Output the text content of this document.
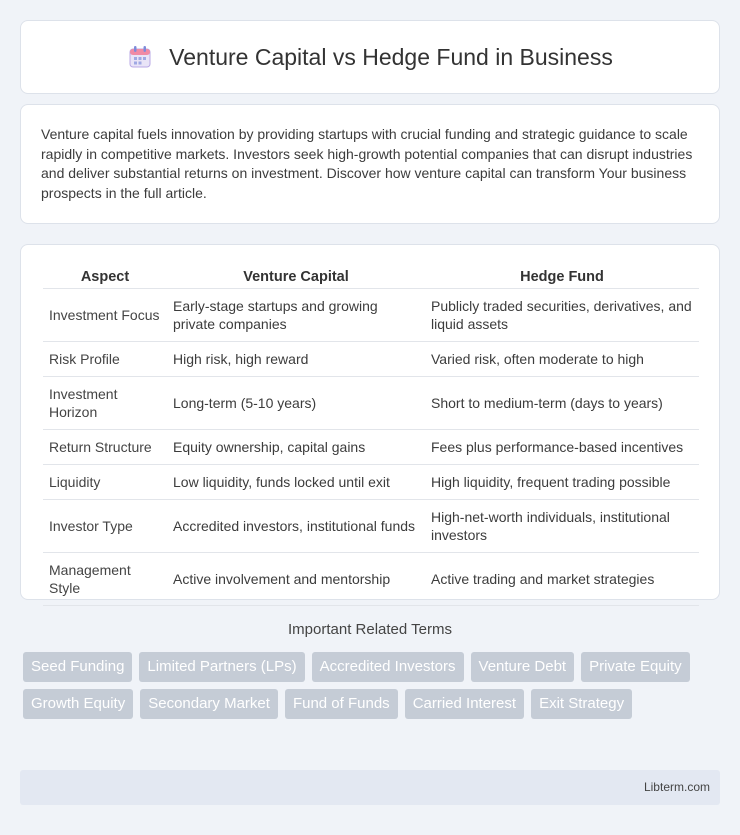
Venture Capital vs Hedge Fund in Business

Venture capital fuels innovation by providing startups with crucial funding and strategic guidance to scale rapidly in competitive markets. Investors seek high-growth potential companies that can disrupt industries and deliver substantial returns on investment. Discover how venture capital can transform Your business prospects in the full article.

Aspect	Venture Capital	Hedge Fund
Investment Focus	Early-stage startups and growing private companies	Publicly traded securities, derivatives, and liquid assets
Risk Profile	High risk, high reward	Varied risk, often moderate to high
Investment Horizon	Long-term (5-10 years)	Short to medium-term (days to years)
Return Structure	Equity ownership, capital gains	Fees plus performance-based incentives
Liquidity	Low liquidity, funds locked until exit	High liquidity, frequent trading possible
Investor Type	Accredited investors, institutional funds	High-net-worth individuals, institutional investors
Management Style	Active involvement and mentorship	Active trading and market strategies
Important Related Terms
Seed Funding	Limited Partners (LPs)	Accredited Investors	Venture Debt	Private Equity
Growth Equity	Secondary Market	Fund of Funds	Carried Interest	Exit Strategy
Libterm.com
